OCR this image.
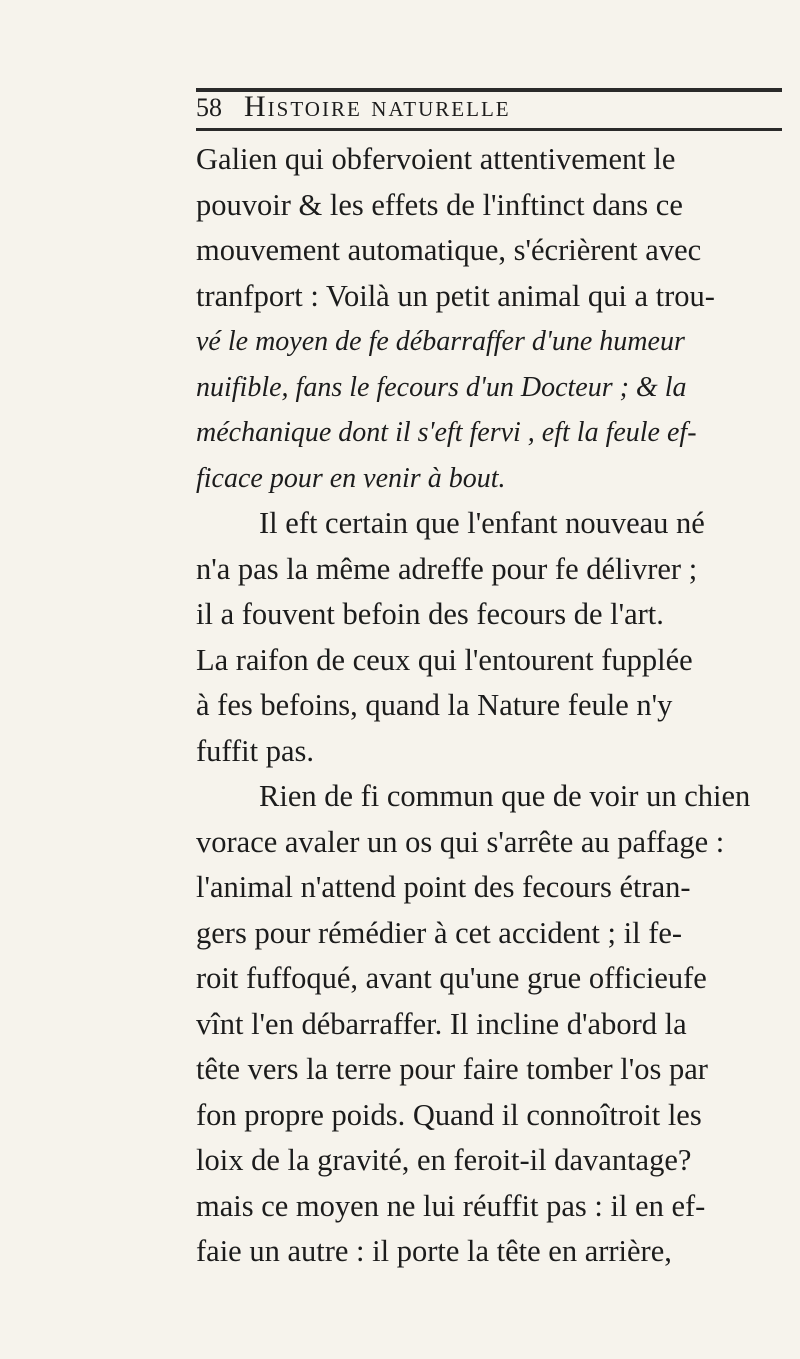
58 Histoire naturelle
Galien qui obfervoient attentivement le
pouvoir & les effets de l'inftinct dans ce
mouvement automatique, s'écrièrent avec
tranfport : Voilà un petit animal qui a trou-
vé le moyen de fe débarraffer d'une humeur
nuifible, fans le fecours d'un Docteur ; & la
méchanique dont il s'eft fervi , eft la feule ef-
ficace pour en venir à bout.
Il eft certain que l'enfant nouveau né
n'a pas la même adreffe pour fe délivrer ;
il a fouvent befoin des fecours de l'art.
La raifon de ceux qui l'entourent fupplée
à fes befoins, quand la Nature feule n'y
fuffit pas.
Rien de fi commun que de voir un chien
vorace avaler un os qui s'arrête au paffage :
l'animal n'attend point des fecours étran-
gers pour rémédier à cet accident ; il fe-
roit fuffoqué, avant qu'une grue officieufe
vînt l'en débarraffer. Il incline d'abord la
tête vers la terre pour faire tomber l'os par
fon propre poids. Quand il connoîtroit les
loix de la gravité, en feroit-il davantage?
mais ce moyen ne lui réuffit pas : il en ef-
faie un autre : il porte la tête en arrière,
